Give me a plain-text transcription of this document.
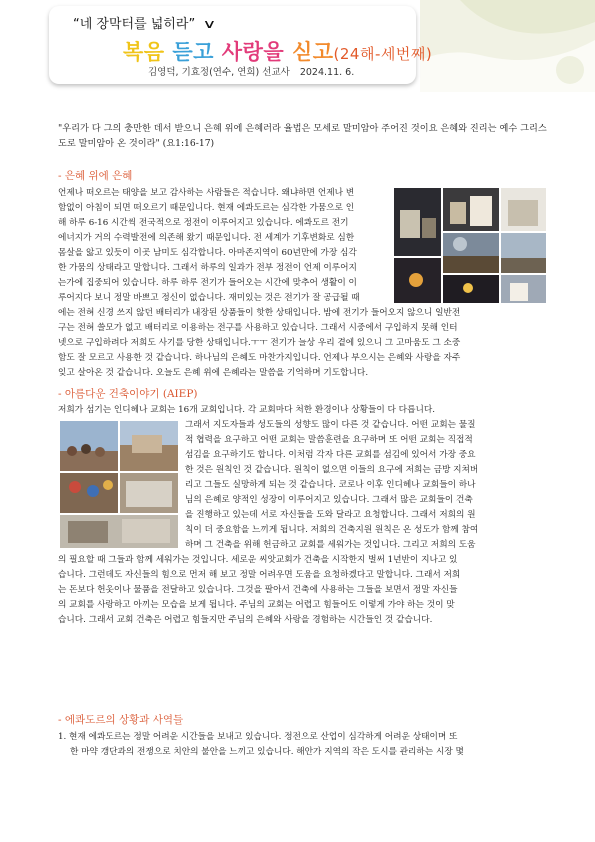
“네 장막터를 넓히라” ∨
복음 듣고 사랑을 싣고(24해-세번째)
김영덕, 기효정(연수, 연희) 선교사 2024.11. 6.
"우리가 다 그의 충만한 데서 받으니 은혜 위에 은혜러라 율법은 모세로 말미암아 주어진 것이요 은혜와 진리는 예수 그리스도로 말미암아 온 것이라" (요1:16-17)
- 은혜 위에 은혜
언제나 떠오르는 태양을 보고 감사하는 사람들은 적습니다. 왜냐하면 언제나 변
함없이 아침이 되면 떠오르기 때문입니다. 현재 에콰도르는 심각한 가뭄으로 인
해 하루 6-16 시간씩 전국적으로 정전이 이루어지고 있습니다. 에콰도르 전기
에너지가 거의 수력발전에 의존해 왔기 때문입니다. 전 세계가 기후변화로 심한
몸살을 앓고 있듯이 이곳 남미도 심각합니다. 아마존지역이 60년만에 가장 심각
한 가뭄의 상태라고 말합니다. 그래서 하루의 일과가 전부 정전이 언제 이루어지
는가에 집중되어 있습니다. 하루 하루 전기가 들어오는 시간에 맞추어 생활이 이
루어지다 보니 정말 바쁘고 정신이 없습니다. 재미있는 것은 전기가 잘 공급될 때
에는 전혀 신경 쓰지 않던 배터리가 내장된 상품들이 핫한 상태입니다. 밤에 전기가 들어오지 않으니 일반전
구는 전혀 쓸모가 없고 배터리로 이용하는 전구를 사용하고 있습니다. 그래서 시중에서 구입하지 못해 인터
넷으로 구입하려다 저희도 사기를 당한 상태입니다.ㅜㅜ 전기가 늘상 우리 곁에 있으니 그 고마움도 그 소중
함도 잘 모르고 사용한 것 같습니다. 하나님의 은혜도 마찬가지입니다. 언제나 부으시는 은혜와 사랑을 자주
잊고 살아온 것 같습니다. 오늘도 은혜 위에 은혜라는 말씀을 기억하며 기도합니다.
- 아름다운 건축이야기 (AIEP)
저희가 섬기는 인디헤나 교회는 16개 교회입니다. 각 교회마다 처한 환경이나 상황들이 다 다릅니다.
그래서 지도자들과 성도들의 성향도 많이 다른 것 같습니다. 어떤 교회는 물질
적 협력을 요구하고 어떤 교회는 말씀훈련을 요구하며 또 어떤 교회는 직접적
섬김을 요구하기도 합니다. 이처럼 각자 다른 교회를 섬김에 있어서 가장 중요
한 것은 원칙인 것 같습니다. 원칙이 없으면 이들의 요구에 저희는 금방 지쳐버
리고 그들도 실망하게 되는 것 같습니다. 코로나 이후 인디헤나 교회들이 하나
님의 은혜로 양적인 성장이 이루어지고 있습니다. 그래서 많은 교회들이 건축
을 진행하고 있는데 서로 자신들을 도와 달라고 요청합니다. 그래서 저희의 원
칙이 더 중요함을 느끼게 됩니다. 저희의 건축지원 원칙은 온 성도가 함께 참여
하며 그 건축을 위해 헌금하고 교회를 세워가는 것입니다. 그리고 저희의 도움
의 필요할 때 그들과 함께 세워가는 것입니다. 세로운 씨앗교회가 건축을 시작한지 벌써 1년반이 지나고 있
습니다. 그런데도 자신들의 힘으로 먼저 해 보고 정말 어려우면 도움을 요청하겠다고 말합니다. 그래서 저희
는 돈보다 헌옷이나 물품을 전달하고 있습니다. 그것을 팔아서 건축에 사용하는 그들을 보면서 정말 자신들
의 교회를 사랑하고 아끼는 모습을 보게 됩니다. 주님의 교회는 어렵고 힘들어도 이렇게 가야 하는 것이 맞
습니다. 그래서 교회 건축은 어렵고 힘들지만 주님의 은혜와 사랑을 경험하는 시간들인 것 같습니다.
- 에콰도르의 상황과 사역들
1. 현재 에콰도르는 정말 어려운 시간들을 보내고 있습니다. 정전으로 산업이 심각하게 어려운 상태이며 또
한 마약 갱단과의 전쟁으로 치안의 불안을 느끼고 있습니다. 해안가 지역의 작은 도시를 관리하는 시장 몇
